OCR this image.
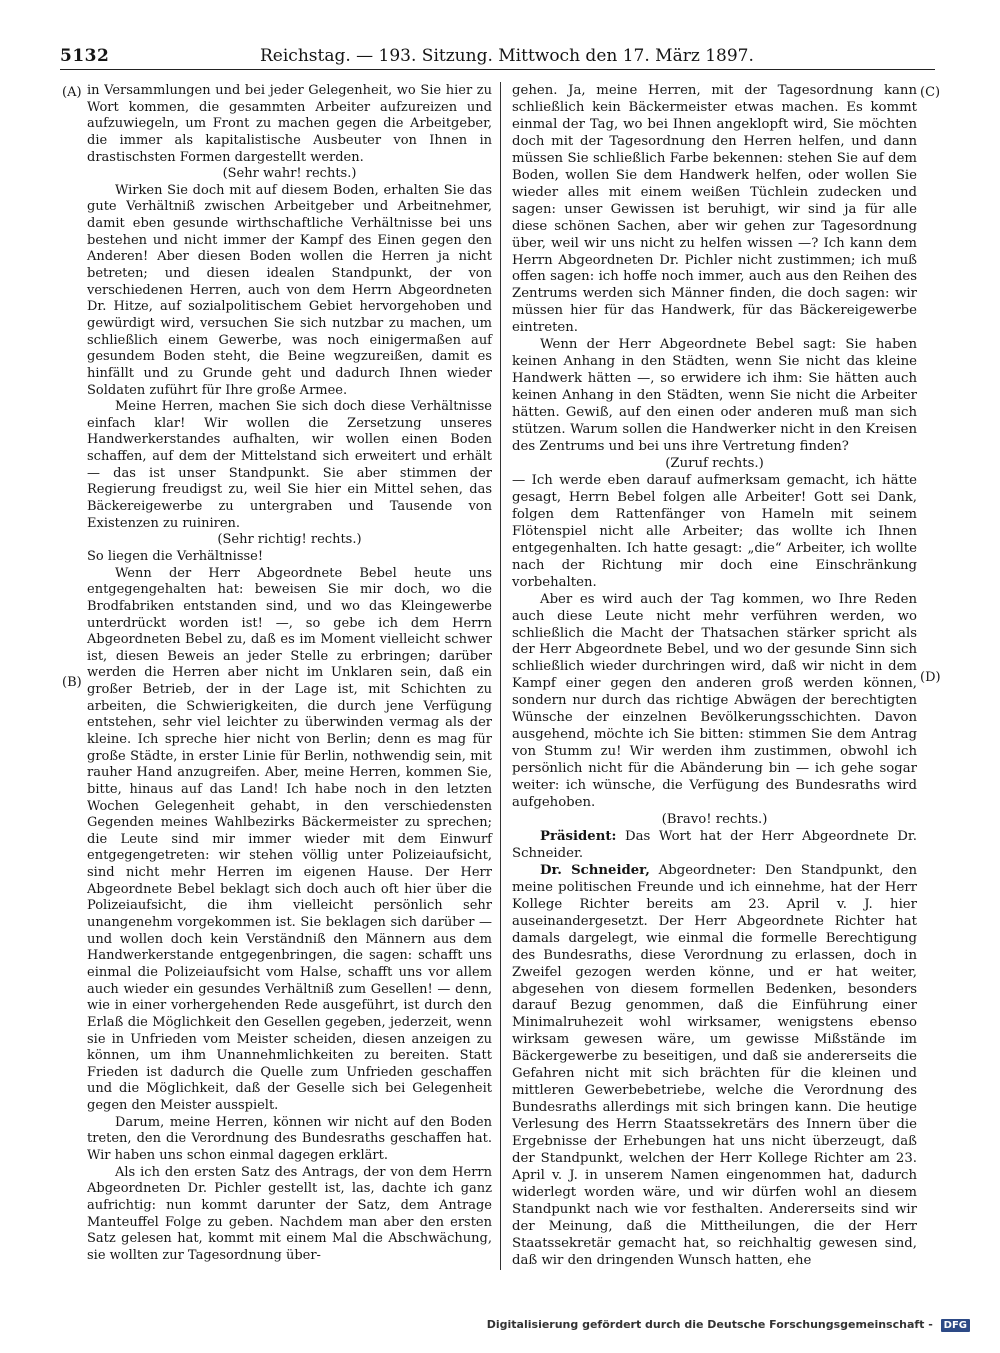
5132	Reichstag. — 193. Sitzung. Mittwoch den 17. März 1897.
(A)
(B)
(C)
(D)

in Versammlungen und bei jeder Gelegenheit, wo Sie hier zu Wort kommen, die gesammten Arbeiter aufzureizen und aufzuwiegeln, um Front zu machen gegen die Arbeitgeber, die immer als kapitalistische Ausbeuter von Ihnen in drastischsten Formen dargestellt werden.

(Sehr wahr! rechts.)

Wirken Sie doch mit auf diesem Boden, erhalten Sie das gute Verhältniß zwischen Arbeitgeber und Arbeitnehmer, damit eben gesunde wirthschaftliche Verhältnisse bei uns bestehen und nicht immer der Kampf des Einen gegen den Anderen! Aber diesen Boden wollen die Herren ja nicht betreten; und diesen idealen Standpunkt, der von verschiedenen Herren, auch von dem Herrn Abgeordneten Dr. Hitze, auf sozialpolitischem Gebiet hervorgehoben und gewürdigt wird, versuchen Sie sich nutzbar zu machen, um schließlich einem Gewerbe, was noch einigermaßen auf gesundem Boden steht, die Beine wegzureißen, damit es hinfällt und zu Grunde geht und dadurch Ihnen wieder Soldaten zuführt für Ihre große Armee.

Meine Herren, machen Sie sich doch diese Verhältnisse einfach klar! Wir wollen die Zersetzung unseres Handwerkerstandes aufhalten, wir wollen einen Boden schaffen, auf dem der Mittelstand sich erweitert und erhält — das ist unser Standpunkt. Sie aber stimmen der Regierung freudigst zu, weil Sie hier ein Mittel sehen, das Bäckereigewerbe zu untergraben und Tausende von Existenzen zu ruiniren.

(Sehr richtig! rechts.)

So liegen die Verhältnisse!

Wenn der Herr Abgeordnete Bebel heute uns entgegengehalten hat: beweisen Sie mir doch, wo die Brodfabriken entstanden sind, und wo das Kleingewerbe unterdrückt worden ist! —, so gebe ich dem Herrn Abgeordneten Bebel zu, daß es im Moment vielleicht schwer ist, diesen Beweis an jeder Stelle zu erbringen; darüber werden die Herren aber nicht im Unklaren sein, daß ein großer Betrieb, der in der Lage ist, mit Schichten zu arbeiten, die Schwierigkeiten, die durch jene Verfügung entstehen, sehr viel leichter zu überwinden vermag als der kleine. Ich spreche hier nicht von Berlin; denn es mag für große Städte, in erster Linie für Berlin, nothwendig sein, mit rauher Hand anzugreifen. Aber, meine Herren, kommen Sie, bitte, hinaus auf das Land! Ich habe noch in den letzten Wochen Gelegenheit gehabt, in den verschiedensten Gegenden meines Wahlbezirks Bäckermeister zu sprechen; die Leute sind mir immer wieder mit dem Einwurf entgegengetreten: wir stehen völlig unter Polizeiaufsicht, sind nicht mehr Herren im eigenen Hause. Der Herr Abgeordnete Bebel beklagt sich doch auch oft hier über die Polizeiaufsicht, die ihm vielleicht persönlich sehr unangenehm vorgekommen ist. Sie beklagen sich darüber — und wollen doch kein Verständniß den Männern aus dem Handwerkerstande entgegenbringen, die sagen: schafft uns einmal die Polizeiaufsicht vom Halse, schafft uns vor allem auch wieder ein gesundes Verhältniß zum Gesellen! — denn, wie in einer vorhergehenden Rede ausgeführt, ist durch den Erlaß die Möglichkeit den Gesellen gegeben, jederzeit, wenn sie in Unfrieden vom Meister scheiden, diesen anzeigen zu können, um ihm Unannehmlichkeiten zu bereiten. Statt Frieden ist dadurch die Quelle zum Unfrieden geschaffen und die Möglichkeit, daß der Geselle sich bei Gelegenheit gegen den Meister ausspielt.

Darum, meine Herren, können wir nicht auf den Boden treten, den die Verordnung des Bundesraths geschaffen hat. Wir haben uns schon einmal dagegen erklärt.

Als ich den ersten Satz des Antrags, der von dem Herrn Abgeordneten Dr. Pichler gestellt ist, las, dachte ich ganz aufrichtig: nun kommt darunter der Satz, dem Antrage Manteuffel Folge zu geben. Nachdem man aber den ersten Satz gelesen hat, kommt mit einem Mal die Abschwächung, sie wollten zur Tagesordnung über-

gehen. Ja, meine Herren, mit der Tagesordnung kann schließlich kein Bäckermeister etwas machen. Es kommt einmal der Tag, wo bei Ihnen angeklopft wird, Sie möchten doch mit der Tagesordnung den Herren helfen, und dann müssen Sie schließlich Farbe bekennen: stehen Sie auf dem Boden, wollen Sie dem Handwerk helfen, oder wollen Sie wieder alles mit einem weißen Tüchlein zudecken und sagen: unser Gewissen ist beruhigt, wir sind ja für alle diese schönen Sachen, aber wir gehen zur Tagesordnung über, weil wir uns nicht zu helfen wissen —? Ich kann dem Herrn Abgeordneten Dr. Pichler nicht zustimmen; ich muß offen sagen: ich hoffe noch immer, auch aus den Reihen des Zentrums werden sich Männer finden, die doch sagen: wir müssen hier für das Handwerk, für das Bäckereigewerbe eintreten.

Wenn der Herr Abgeordnete Bebel sagt: Sie haben keinen Anhang in den Städten, wenn Sie nicht das kleine Handwerk hätten —, so erwidere ich ihm: Sie hätten auch keinen Anhang in den Städten, wenn Sie nicht die Arbeiter hätten. Gewiß, auf den einen oder anderen muß man sich stützen. Warum sollen die Handwerker nicht in den Kreisen des Zentrums und bei uns ihre Vertretung finden?

(Zuruf rechts.)

— Ich werde eben darauf aufmerksam gemacht, ich hätte gesagt, Herrn Bebel folgen alle Arbeiter! Gott sei Dank, folgen dem Rattenfänger von Hameln mit seinem Flötenspiel nicht alle Arbeiter; das wollte ich Ihnen entgegenhalten. Ich hatte gesagt: „die“ Arbeiter, ich wollte nach der Richtung mir doch eine Einschränkung vorbehalten.

Aber es wird auch der Tag kommen, wo Ihre Reden auch diese Leute nicht mehr verführen werden, wo schließlich die Macht der Thatsachen stärker spricht als der Herr Abgeordnete Bebel, und wo der gesunde Sinn sich schließlich wieder durchringen wird, daß wir nicht in dem Kampf einer gegen den anderen groß werden können, sondern nur durch das richtige Abwägen der berechtigten Wünsche der einzelnen Bevölkerungsschichten. Davon ausgehend, möchte ich Sie bitten: stimmen Sie dem Antrag von Stumm zu! Wir werden ihm zustimmen, obwohl ich persönlich nicht für die Abänderung bin — ich gehe sogar weiter: ich wünsche, die Verfügung des Bundesraths wird aufgehoben.

(Bravo! rechts.)

Präsident: Das Wort hat der Herr Abgeordnete Dr. Schneider.

Dr. Schneider, Abgeordneter: Den Standpunkt, den meine politischen Freunde und ich einnehme, hat der Herr Kollege Richter bereits am 23. April v. J. hier auseinandergesetzt. Der Herr Abgeordnete Richter hat damals dargelegt, wie einmal die formelle Berechtigung des Bundesraths, diese Verordnung zu erlassen, doch in Zweifel gezogen werden könne, und er hat weiter, abgesehen von diesem formellen Bedenken, besonders darauf Bezug genommen, daß die Einführung einer Minimalruhezeit wohl wirksamer, wenigstens ebenso wirksam gewesen wäre, um gewisse Mißstände im Bäckergewerbe zu beseitigen, und daß sie andererseits die Gefahren nicht mit sich brächten für die kleinen und mittleren Gewerbebetriebe, welche die Verordnung des Bundesraths allerdings mit sich bringen kann. Die heutige Verlesung des Herrn Staatssekretärs des Innern über die Ergebnisse der Erhebungen hat uns nicht überzeugt, daß der Standpunkt, welchen der Herr Kollege Richter am 23. April v. J. in unserem Namen eingenommen hat, dadurch widerlegt worden wäre, und wir dürfen wohl an diesem Standpunkt nach wie vor festhalten. Andererseits sind wir der Meinung, daß die Mittheilungen, die der Herr Staatssekretär gemacht hat, so reichhaltig gewesen sind, daß wir den dringenden Wunsch hatten, ehe

Digitalisierung gefördert durch die Deutsche Forschungsgemeinschaft - DFG
